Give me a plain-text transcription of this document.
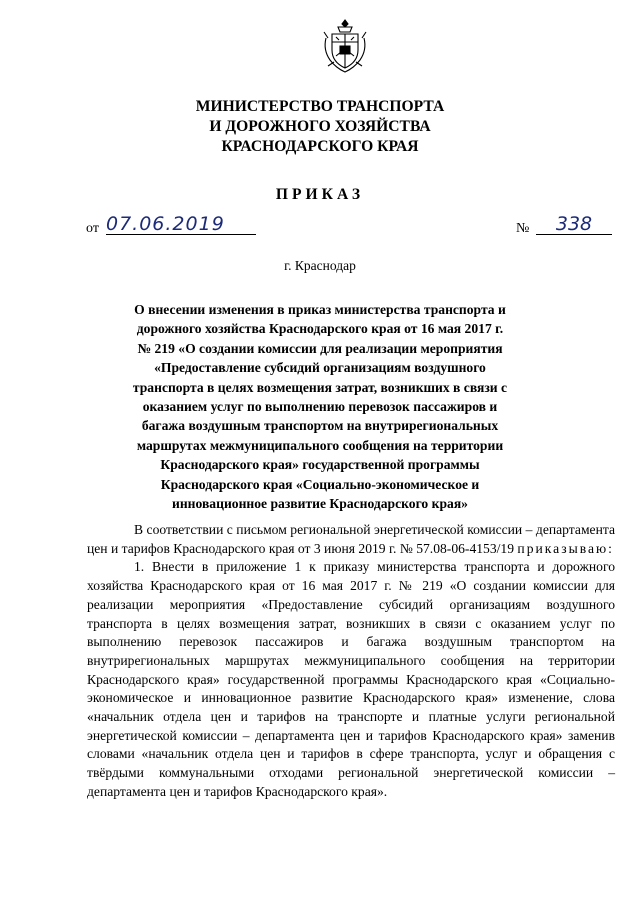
МИНИСТЕРСТВО ТРАНСПОРТА
И ДОРОЖНОГО ХОЗЯЙСТВА
КРАСНОДАРСКОГО КРАЯ
ПРИКАЗ
от 07.06.2019	№	338
г. Краснодар
О внесении изменения в приказ министерства транспорта и
дорожного хозяйства Краснодарского края от 16 мая 2017 г.
№ 219 «О создании комиссии для реализации мероприятия
«Предоставление субсидий организациям воздушного
транспорта в целях возмещения затрат, возникших в связи с
оказанием услуг по выполнению перевозок пассажиров и
багажа воздушным транспортом на внутрирегиональных
маршрутах межмуниципального сообщения на территории
Краснодарского края» государственной программы
Краснодарского края «Социально-экономическое и
инновационное развитие Краснодарского края»

В соответствии с письмом региональной энергетической комиссии – департамента цен и тарифов Краснодарского края от 3 июня 2019 г. № 57.08-06-4153/19 приказываю:

1. Внести в приложение 1 к приказу министерства транспорта и дорожного хозяйства Краснодарского края от 16 мая 2017 г. № 219 «О создании комиссии для реализации мероприятия «Предоставление субсидий организациям воздушного транспорта в целях возмещения затрат, возникших в связи с оказанием услуг по выполнению перевозок пассажиров и багажа воздушным транспортом на внутрирегиональных маршрутах межмуниципального сообщения на территории Краснодарского края» государственной программы Краснодарского края «Социально-экономическое и инновационное развитие Краснодарского края» изменение, слова «начальник отдела цен и тарифов на транспорте и платные услуги региональной энергетической комиссии – департамента цен и тарифов Краснодарского края» заменив словами «начальник отдела цен и тарифов в сфере транспорта, услуг и обращения с твёрдыми коммунальными отходами региональной энергетической комиссии – департамента цен и тарифов Краснодарского края».
